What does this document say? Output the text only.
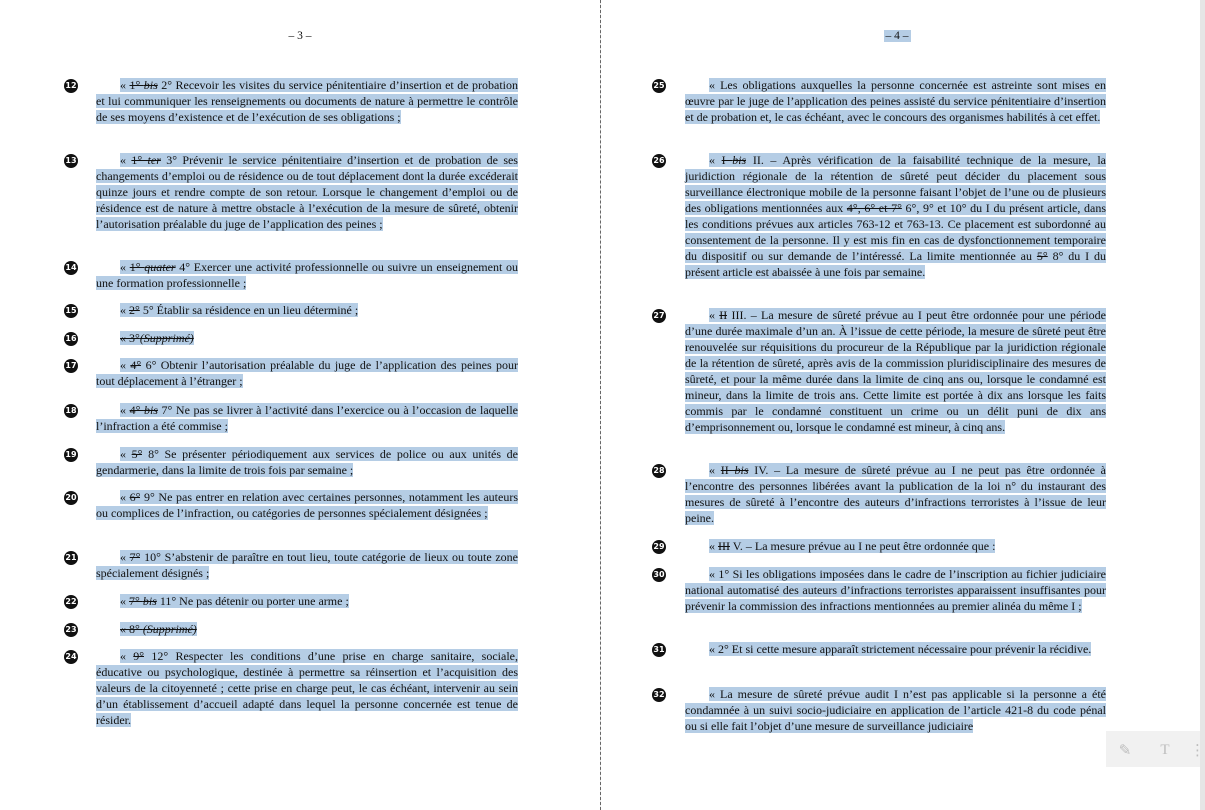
– 3 –
12	« 1° bis 2° Recevoir les visites du service pénitentiaire d’insertion et de probation et lui communiquer les renseignements ou documents de nature à permettre le contrôle de ses moyens d’existence et de l’exécution de ses obligations ;
13	« 1° ter 3° Prévenir le service pénitentiaire d’insertion et de probation de ses changements d’emploi ou de résidence ou de tout déplacement dont la durée excéderait quinze jours et rendre compte de son retour. Lorsque le changement d’emploi ou de résidence est de nature à mettre obstacle à l’exécution de la mesure de sûreté, obtenir l’autorisation préalable du juge de l’application des peines ;
14	« 1° quater 4° Exercer une activité professionnelle ou suivre un enseignement ou une formation professionnelle ;
15	« 2° 5° Établir sa résidence en un lieu déterminé ;
16	« 3°(Supprimé)
17	« 4° 6° Obtenir l’autorisation préalable du juge de l’application des peines pour tout déplacement à l’étranger ;
18	« 4° bis 7° Ne pas se livrer à l’activité dans l’exercice ou à l’occasion de laquelle l’infraction a été commise ;
19	« 5° 8° Se présenter périodiquement aux services de police ou aux unités de gendarmerie, dans la limite de trois fois par semaine ;
20	« 6° 9° Ne pas entrer en relation avec certaines personnes, notamment les auteurs ou complices de l’infraction, ou catégories de personnes spécialement désignées ;
21	« 7° 10° S’abstenir de paraître en tout lieu, toute catégorie de lieux ou toute zone spécialement désignés ;
22	« 7° bis 11° Ne pas détenir ou porter une arme ;
23	« 8° (Supprimé)
24	« 9° 12° Respecter les conditions d’une prise en charge sanitaire, sociale, éducative ou psychologique, destinée à permettre sa réinsertion et l’acquisition des valeurs de la citoyenneté ; cette prise en charge peut, le cas échéant, intervenir au sein d’un établissement d’accueil adapté dans lequel la personne concernée est tenue de résider.
– 4 –
25	« Les obligations auxquelles la personne concernée est astreinte sont mises en œuvre par le juge de l’application des peines assisté du service pénitentiaire d’insertion et de probation et, le cas échéant, avec le concours des organismes habilités à cet effet.
26	« I bis II. – Après vérification de la faisabilité technique de la mesure, la juridiction régionale de la rétention de sûreté peut décider du placement sous surveillance électronique mobile de la personne faisant l’objet de l’une ou de plusieurs des obligations mentionnées aux 4°, 6° et 7° 6°, 9° et 10° du I du présent article, dans les conditions prévues aux articles 763-12 et 763-13. Ce placement est subordonné au consentement de la personne. Il y est mis fin en cas de dysfonctionnement temporaire du dispositif ou sur demande de l’intéressé. La limite mentionnée au 5° 8° du I du présent article est abaissée à une fois par semaine.
27	« II III. – La mesure de sûreté prévue au I peut être ordonnée pour une période d’une durée maximale d’un an. À l’issue de cette période, la mesure de sûreté peut être renouvelée sur réquisitions du procureur de la République par la juridiction régionale de la rétention de sûreté, après avis de la commission pluridisciplinaire des mesures de sûreté, et pour la même durée dans la limite de cinq ans ou, lorsque le condamné est mineur, dans la limite de trois ans. Cette limite est portée à dix ans lorsque les faits commis par le condamné constituent un crime ou un délit puni de dix ans d’emprisonnement ou, lorsque le condamné est mineur, à cinq ans.
28	« II bis IV. – La mesure de sûreté prévue au I ne peut pas être ordonnée à l’encontre des personnes libérées avant la publication de la loi n° du instaurant des mesures de sûreté à l’encontre des auteurs d’infractions terroristes à l’issue de leur peine.
29	« III V. – La mesure prévue au I ne peut être ordonnée que :
30	« 1° Si les obligations imposées dans le cadre de l’inscription au fichier judiciaire national automatisé des auteurs d’infractions terroristes apparaissent insuffisantes pour prévenir la commission des infractions mentionnées au premier alinéa du même I ;
31	« 2° Et si cette mesure apparaît strictement nécessaire pour prévenir la récidive.
32	« La mesure de sûreté prévue audit I n’est pas applicable si la personne a été condamnée à un suivi socio-judiciaire en application de l’article 421-8 du code pénal ou si elle fait l’objet d’une mesure de surveillance judiciaire
✎	T	⋮
